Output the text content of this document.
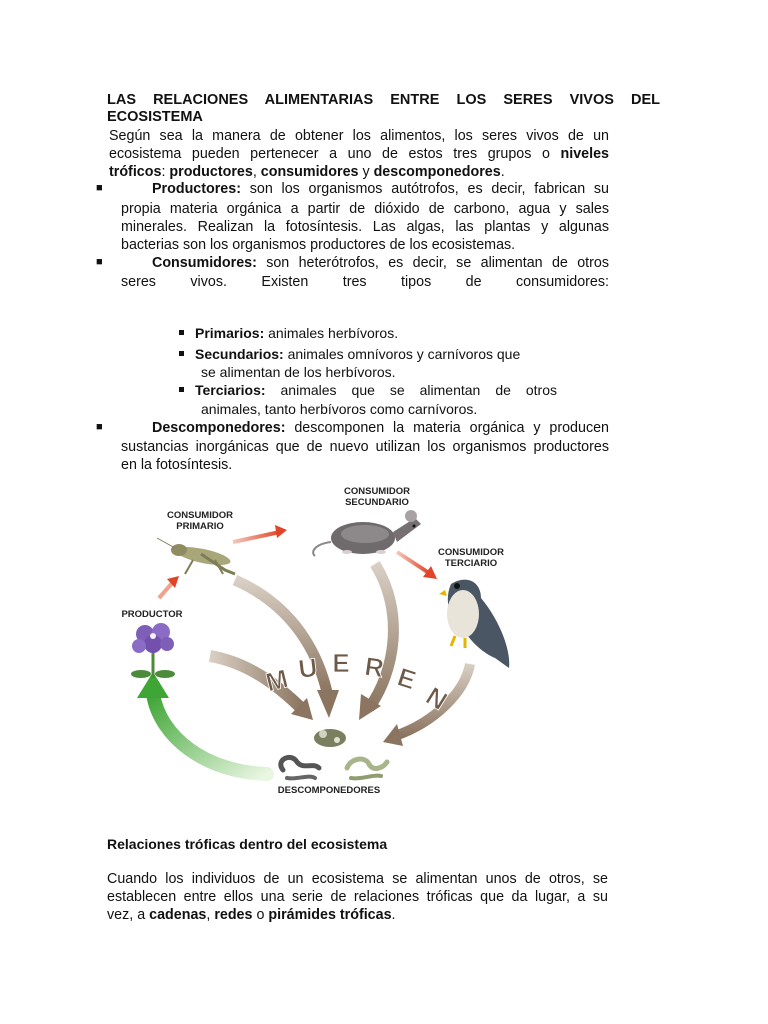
LAS RELACIONES ALIMENTARIAS ENTRE LOS SERES VIVOS DEL
ECOSISTEMA
Según sea la manera de obtener los alimentos, los seres vivos de un
ecosistema pueden pertenecer a uno de estos tres grupos o niveles
tróficos: productores, consumidores y descomponedores.
■	Productores: son los organismos autótrofos, es decir, fabrican su
propia materia orgánica a partir de dióxido de carbono, agua y sales
minerales. Realizan la fotosíntesis. Las algas, las plantas y algunas
bacterias son los organismos productores de los ecosistemas.
■	Consumidores: son heterótrofos, es decir, se alimentan de otros
seres vivos. Existen tres tipos de consumidores:
Primarios: animales herbívoros.
Secundarios: animales omnívoros y carnívoros que
se alimentan de los herbívoros.
Terciarios: animales que se alimentan de otros
animales, tanto herbívoros como carnívoros.
■	Descomponedores: descomponen la materia orgánica y producen
sustancias inorgánicas que de nuevo utilizan los organismos productores
en la fotosíntesis.
CONSUMIDOR
PRIMARIO
CONSUMIDOR
SECUNDARIO
CONSUMIDOR
TERCIARIO
PRODUCTOR
DESCOMPONEDORES
M U E R E
N
Relaciones tróficas dentro del ecosistema
Cuando los individuos de un ecosistema se alimentan unos de otros, se
establecen entre ellos una serie de relaciones tróficas que da lugar, a su
vez, a cadenas, redes o pirámides tróficas.
